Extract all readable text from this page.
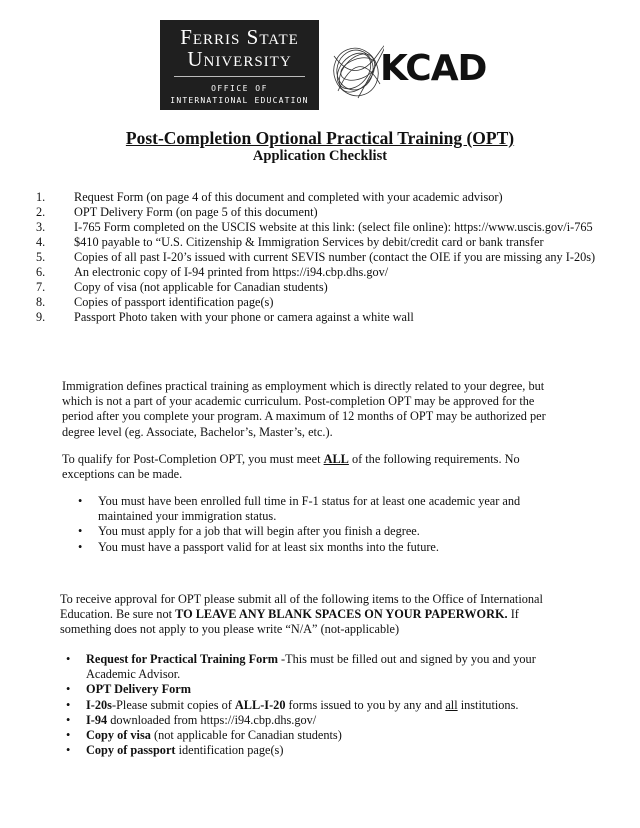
Ferris State
University
OFFICE OF
INTERNATIONAL EDUCATION
KCAD
Post-Completion Optional Practical Training (OPT)
Application Checklist
1. Request Form (on page 4 of this document and completed with your academic advisor)
2. OPT Delivery Form (on page 5 of this document)
3. I-765 Form completed on the USCIS website at this link: (select file online): https://www.uscis.gov/i-765
4. $410 payable to “U.S. Citizenship & Immigration Services by debit/credit card or bank transfer
5. Copies of all past I-20’s issued with current SEVIS number (contact the OIE if you are missing any I-20s)
6. An electronic copy of I-94 printed from https://i94.cbp.dhs.gov/
7. Copy of visa (not applicable for Canadian students)
8. Copies of passport identification page(s)
9. Passport Photo taken with your phone or camera against a white wall
Immigration defines practical training as employment which is directly related to your degree, but which is not a part of your academic curriculum. Post-completion OPT may be approved for the period after you complete your program. A maximum of 12 months of OPT may be authorized per degree level (eg. Associate, Bachelor’s, Master’s, etc.).
To qualify for Post-Completion OPT, you must meet ALL of the following requirements. No exceptions can be made.
• You must have been enrolled full time in F-1 status for at least one academic year and maintained your immigration status.
• You must apply for a job that will begin after you finish a degree.
• You must have a passport valid for at least six months into the future.
To receive approval for OPT please submit all of the following items to the Office of International Education. Be sure not TO LEAVE ANY BLANK SPACES ON YOUR PAPERWORK. If something does not apply to you please write “N/A” (not-applicable)
• Request for Practical Training Form -This must be filled out and signed by you and your Academic Advisor.
• OPT Delivery Form
• I-20s-Please submit copies of ALL-I-20 forms issued to you by any and all institutions.
• I-94 downloaded from https://i94.cbp.dhs.gov/
• Copy of visa (not applicable for Canadian students)
• Copy of passport identification page(s)
